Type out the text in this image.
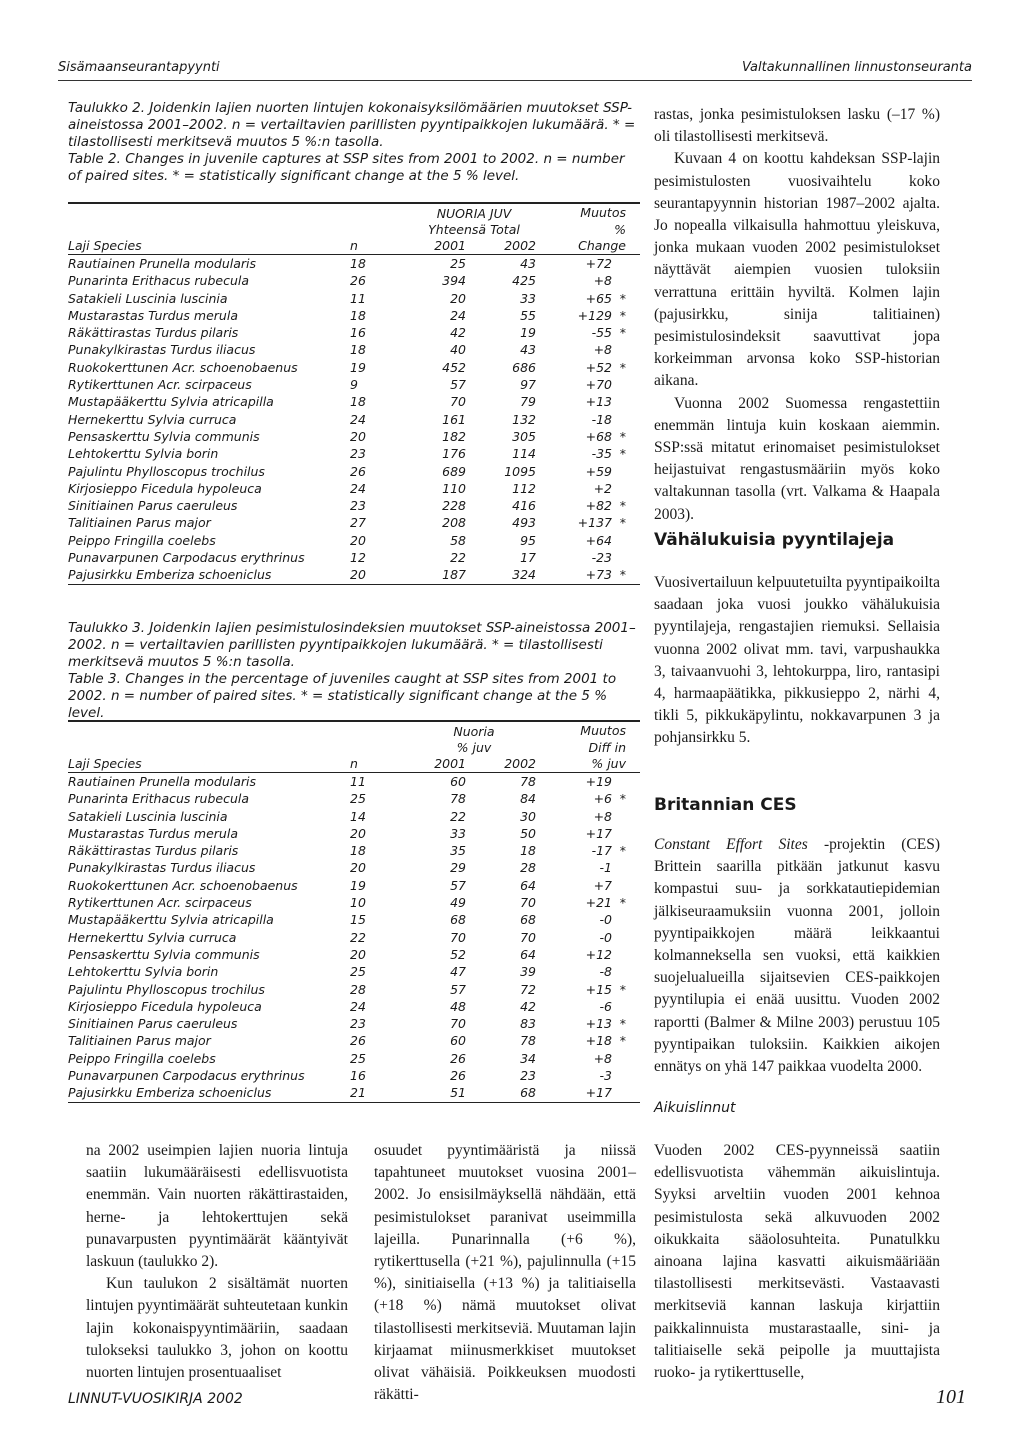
Sisämaanseurantapyynti	Valtakunnallinen linnustonseuranta

Taulukko 2. Joidenkin lajien nuorten lintujen kokonaisyksilömäärien muutokset SSP-aineistossa 2001–2002. n = vertailtavien parillisten pyyntipaikkojen lukumäärä. * = tilastollisesti merkitsevä muutos 5 %:n tasolla.

Table 2. Changes in juvenile captures at SSP sites from 2001 to 2002. n = number of paired sites. * = statistically significant change at the 5 % level.

		NUORIA JUV		Muutos
		Yhteensä Total		%
Laji Species	n	2001	2002	Change
Rautiainen Prunella modularis	18	25	43	+72
Punarinta Erithacus rubecula	26	394	425	+8
Satakieli Luscinia luscinia	11	20	33	+65 *
Mustarastas Turdus merula	18	24	55	+129 *
Räkättirastas Turdus pilaris	16	42	19	-55 *
Punakylkirastas Turdus iliacus	18	40	43	+8
Ruokokerttunen Acr. schoenobaenus	19	452	686	+52 *
Rytikerttunen Acr. scirpaceus	9	57	97	+70
Mustapääkerttu Sylvia atricapilla	18	70	79	+13
Hernekerttu Sylvia curruca	24	161	132	-18
Pensaskerttu Sylvia communis	20	182	305	+68 *
Lehtokerttu Sylvia borin	23	176	114	-35 *
Pajulintu Phylloscopus trochilus	26	689	1095	+59
Kirjosieppo Ficedula hypoleuca	24	110	112	+2
Sinitiainen Parus caeruleus	23	228	416	+82 *
Talitiainen Parus major	27	208	493	+137 *
Peippo Fringilla coelebs	20	58	95	+64
Punavarpunen Carpodacus erythrinus	12	22	17	-23
Pajusirkku Emberiza schoeniclus	20	187	324	+73 *

Taulukko 3. Joidenkin lajien pesimistulosindeksien muutokset SSP-aineistossa 2001–2002. n = vertailtavien parillisten pyyntipaikkojen lukumäärä. * = tilastollisesti merkitsevä muutos 5 %:n tasolla.

Table 3. Changes in the percentage of juveniles caught at SSP sites from 2001 to 2002. n = number of paired sites. * = statistically significant change at the 5 % level.

		Nuoria		Muutos
		% juv		Diff in
Laji Species	n	2001	2002	% juv
Rautiainen Prunella modularis	11	60	78	+19
Punarinta Erithacus rubecula	25	78	84	+6 *
Satakieli Luscinia luscinia	14	22	30	+8
Mustarastas Turdus merula	20	33	50	+17
Räkättirastas Turdus pilaris	18	35	18	-17 *
Punakylkirastas Turdus iliacus	20	29	28	-1
Ruokokerttunen Acr. schoenobaenus	19	57	64	+7
Rytikerttunen Acr. scirpaceus	10	49	70	+21 *
Mustapääkerttu Sylvia atricapilla	15	68	68	-0
Hernekerttu Sylvia curruca	22	70	70	-0
Pensaskerttu Sylvia communis	20	52	64	+12
Lehtokerttu Sylvia borin	25	47	39	-8
Pajulintu Phylloscopus trochilus	28	57	72	+15 *
Kirjosieppo Ficedula hypoleuca	24	48	42	-6
Sinitiainen Parus caeruleus	23	70	83	+13 *
Talitiainen Parus major	26	60	78	+18 *
Peippo Fringilla coelebs	25	26	34	+8
Punavarpunen Carpodacus erythrinus	16	26	23	-3
Pajusirkku Emberiza schoeniclus	21	51	68	+17

rastas, jonka pesimistuloksen lasku (–17 %) oli tilastollisesti merkitsevä.

Kuvaan 4 on koottu kahdeksan SSP-lajin pesimistulosten vuosivaihtelu koko seurantapyynnin historian 1987–2002 ajalta. Jo nopealla vilkaisulla hahmottuu yleiskuva, jonka mukaan vuoden 2002 pesimistulokset näyttävät aiempien vuosien tuloksiin verrattuna erittäin hyviltä. Kolmen lajin (pajusirkku, sinija talitiainen) pesimistulosindeksit saavuttivat jopa korkeimman arvonsa koko SSP-historian aikana.

Vuonna 2002 Suomessa rengastettiin enemmän lintuja kuin koskaan aiemmin. SSP:ssä mitatut erinomaiset pesimistulokset heijastuivat rengastusmääriin myös koko valtakunnan tasolla (vrt. Valkama & Haapala 2003).

Vähälukuisia pyyntilajeja

Vuosivertailuun kelpuutetuilta pyyntipaikoilta saadaan joka vuosi joukko vähälukuisia pyyntilajeja, rengastajien riemuksi. Sellaisia vuonna 2002 olivat mm. tavi, varpushaukka 3, taivaanvuohi 3, lehtokurppa, liro, rantasipi 4, harmaapäätikka, pikkusieppo 2, närhi 4, tikli 5, pikkukäpylintu, nokkavarpunen 3 ja pohjansirkku 5.

Britannian CES

Constant Effort Sites -projektin (CES) Brittein saarilla pitkään jatkunut kasvu kompastui suu- ja sorkkatautiepidemian jälkiseuraamuksiin vuonna 2001, jolloin pyyntipaikkojen määrä leikkaantui kolmanneksella sen vuoksi, että kaikkien suojelualueilla sijaitsevien CES-paikkojen pyyntilupia ei enää uusittu. Vuoden 2002 raportti (Balmer & Milne 2003) perustuu 105 pyyntipaikan tuloksiin. Kaikkien aikojen ennätys on yhä 147 paikkaa vuodelta 2000.

Aikuislinnut

Vuoden 2002 CES-pyynneissä saatiin edellisvuotista vähemmän aikuislintuja. Syyksi arveltiin vuoden 2001 kehnoa pesimistulosta sekä alkuvuoden 2002 oikukkaita sääolosuhteita. Punatulkku ainoana lajina kasvatti aikuismääriään tilastollisesti merkitsevästi. Vastaavasti merkitseviä kannan laskuja kirjattiin paikkalinnuista mustarastaalle, sini- ja talitiaiselle sekä peipolle ja muuttajista ruoko- ja rytikerttuselle,

na 2002 useimpien lajien nuoria lintuja saatiin lukumääräisesti edellisvuotista enemmän. Vain nuorten räkättirastaiden, herne- ja lehtokerttujen sekä punavarpusten pyyntimäärät kääntyivät laskuun (taulukko 2).

Kun taulukon 2 sisältämät nuorten lintujen pyyntimäärät suhteutetaan kunkin lajin kokonaispyyntimääriin, saadaan tulokseksi taulukko 3, johon on koottu nuorten lintujen prosentuaaliset

osuudet pyyntimääristä ja niissä tapahtuneet muutokset vuosina 2001–2002. Jo ensisilmäyksellä nähdään, että pesimistulokset paranivat useimmilla lajeilla. Punarinnalla (+6 %), rytikerttusella (+21 %), pajulinnulla (+15 %), sinitiaisella (+13 %) ja talitiaisella (+18 %) nämä muutokset olivat tilastollisesti merkitseviä. Muutaman lajin kirjaamat miinusmerkkiset muutokset olivat vähäisiä. Poikkeuksen muodosti räkätti-

LINNUT-VUOSIKIRJA 2002	101
